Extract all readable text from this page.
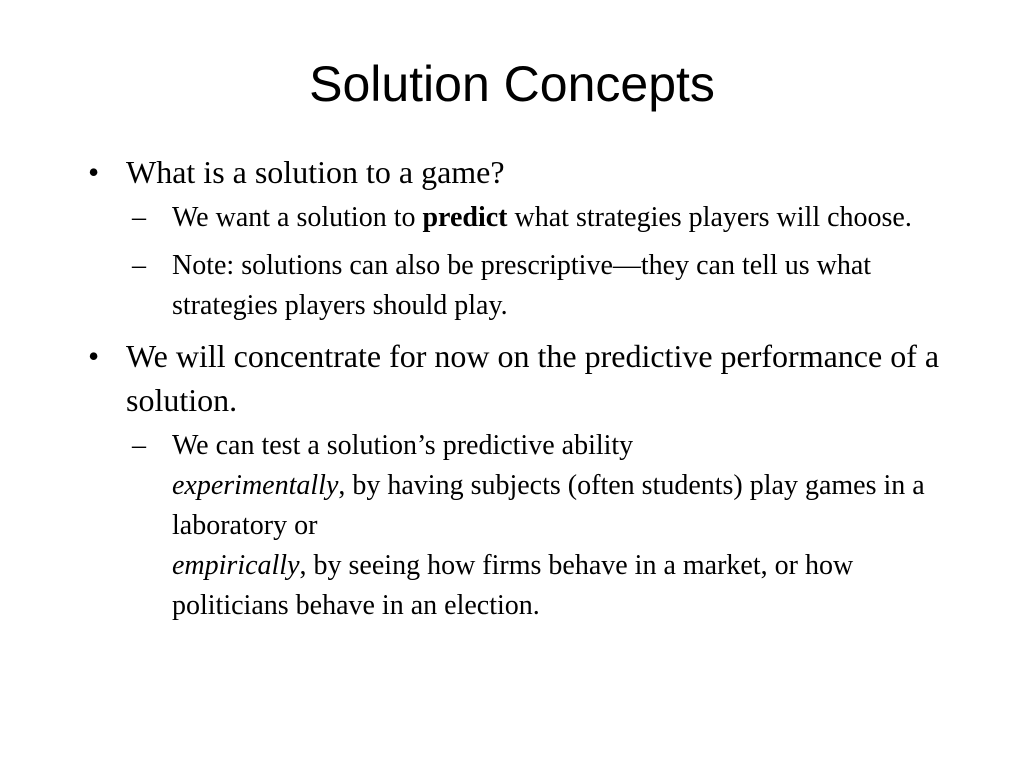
Solution Concepts
• What is a solution to a game?
– We want a solution to predict what strategies players will choose.
– Note: solutions can also be prescriptive—they can tell us what strategies players should play.
• We will concentrate for now on the predictive performance of a solution.
– We can test a solution’s predictive ability
experimentally, by having subjects (often students) play games in a laboratory or
empirically, by seeing how firms behave in a market, or how politicians behave in an election.
